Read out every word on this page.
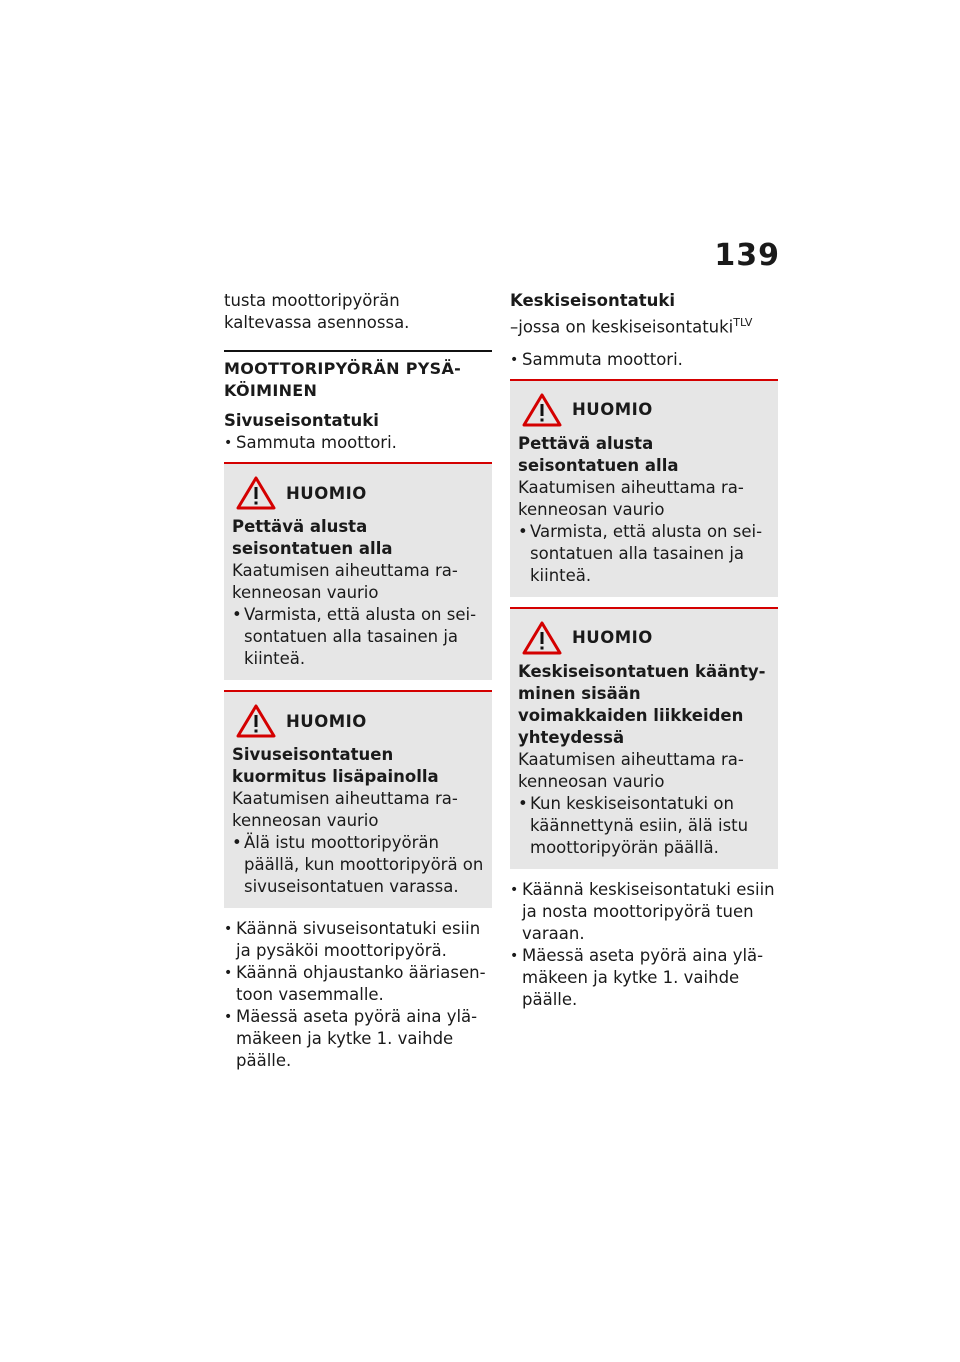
139

tusta moottoripyörän kaltevassa asennossa.

MOOTTORIPYÖRÄN PYSÄ-
KÖIMINEN
Sivuseisontatuki
• Sammuta moottori.
HUOMIO
Pettävä alusta seisontatuen alla
Kaatumisen aiheuttama ra-kenneosan vaurio
• Varmista, että alusta on sei-sontatuen alla tasainen ja kiinteä.
HUOMIO
Sivuseisontatuen kuormitus lisäpainolla
Kaatumisen aiheuttama ra-kenneosan vaurio
• Älä istu moottoripyörän päällä, kun moottoripyörä on sivuseisontatuen varassa.
• Käännä sivuseisontatuki esiin ja pysäköi moottoripyörä.
• Käännä ohjaustanko ääriasen-toon vasemmalle.
• Mäessä aseta pyörä aina ylä-mäkeen ja kytke 1. vaihde päälle.
Keskiseisontatuki

–jossa on keskiseisontatuki$^{TLV}$

• Sammuta moottori.
HUOMIO
Pettävä alusta seisontatuen alla
Kaatumisen aiheuttama ra-kenneosan vaurio
• Varmista, että alusta on sei-sontatuen alla tasainen ja kiinteä.
HUOMIO
Keskiseisontatuen käänty-minen sisään voimakkaiden liikkeiden yhteydessä
Kaatumisen aiheuttama ra-kenneosan vaurio
• Kun keskiseisontatuki on käännettynä esiin, älä istu moottoripyörän päällä.
• Käännä keskiseisontatuki esiin ja nosta moottoripyörä tuen varaan.
• Mäessä aseta pyörä aina ylä-mäkeen ja kytke 1. vaihde päälle.
